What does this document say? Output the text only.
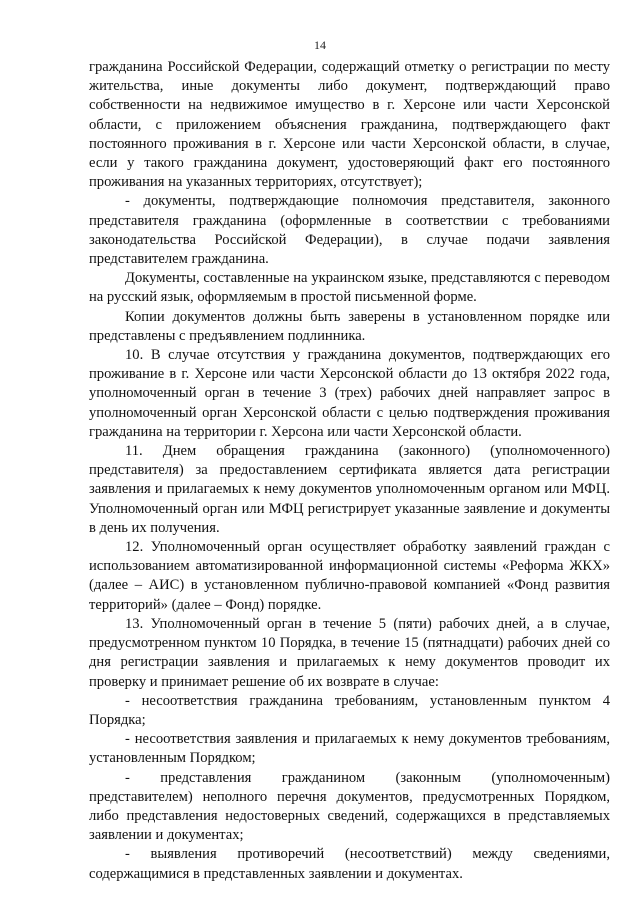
14

гражданина Российской Федерации, содержащий отметку о регистрации по месту жительства, иные документы либо документ, подтверждающий право собственности на недвижимое имущество в г. Херсоне или части Херсонской области, с приложением объяснения гражданина, подтверждающего факт постоянного проживания в г. Херсоне или части Херсонской области, в случае, если у такого гражданина документ, удостоверяющий факт его постоянного проживания на указанных территориях, отсутствует);

- документы, подтверждающие полномочия представителя, законного представителя гражданина (оформленные в соответствии с требованиями законодательства Российской Федерации), в случае подачи заявления представителем гражданина.

Документы, составленные на украинском языке, представляются с переводом на русский язык, оформляемым в простой письменной форме.

Копии документов должны быть заверены в установленном порядке или представлены с предъявлением подлинника.

10. В случае отсутствия у гражданина документов, подтверждающих его проживание в г. Херсоне или части Херсонской области до 13 октября 2022 года, уполномоченный орган в течение 3 (трех) рабочих дней направляет запрос в уполномоченный орган Херсонской области с целью подтверждения проживания гражданина на территории г. Херсона или части Херсонской области.

11. Днем обращения гражданина (законного) (уполномоченного) представителя) за предоставлением сертификата является дата регистрации заявления и прилагаемых к нему документов уполномоченным органом или МФЦ. Уполномоченный орган или МФЦ регистрирует указанные заявление и документы в день их получения.

12. Уполномоченный орган осуществляет обработку заявлений граждан с использованием автоматизированной информационной системы «Реформа ЖКХ» (далее – АИС) в установленном публично-правовой компанией «Фонд развития территорий» (далее – Фонд) порядке.

13. Уполномоченный орган в течение 5 (пяти) рабочих дней, а в случае, предусмотренном пунктом 10 Порядка, в течение 15 (пятнадцати) рабочих дней со дня регистрации заявления и прилагаемых к нему документов проводит их проверку и принимает решение об их возврате в случае:

- несоответствия гражданина требованиям, установленным пунктом 4 Порядка;

- несоответствия заявления и прилагаемых к нему документов требованиям, установленным Порядком;

- представления гражданином (законным (уполномоченным) представителем) неполного перечня документов, предусмотренных Порядком, либо представления недостоверных сведений, содержащихся в представляемых заявлении и документах;

- выявления противоречий (несоответствий) между сведениями, содержащимися в представленных заявлении и документах.
